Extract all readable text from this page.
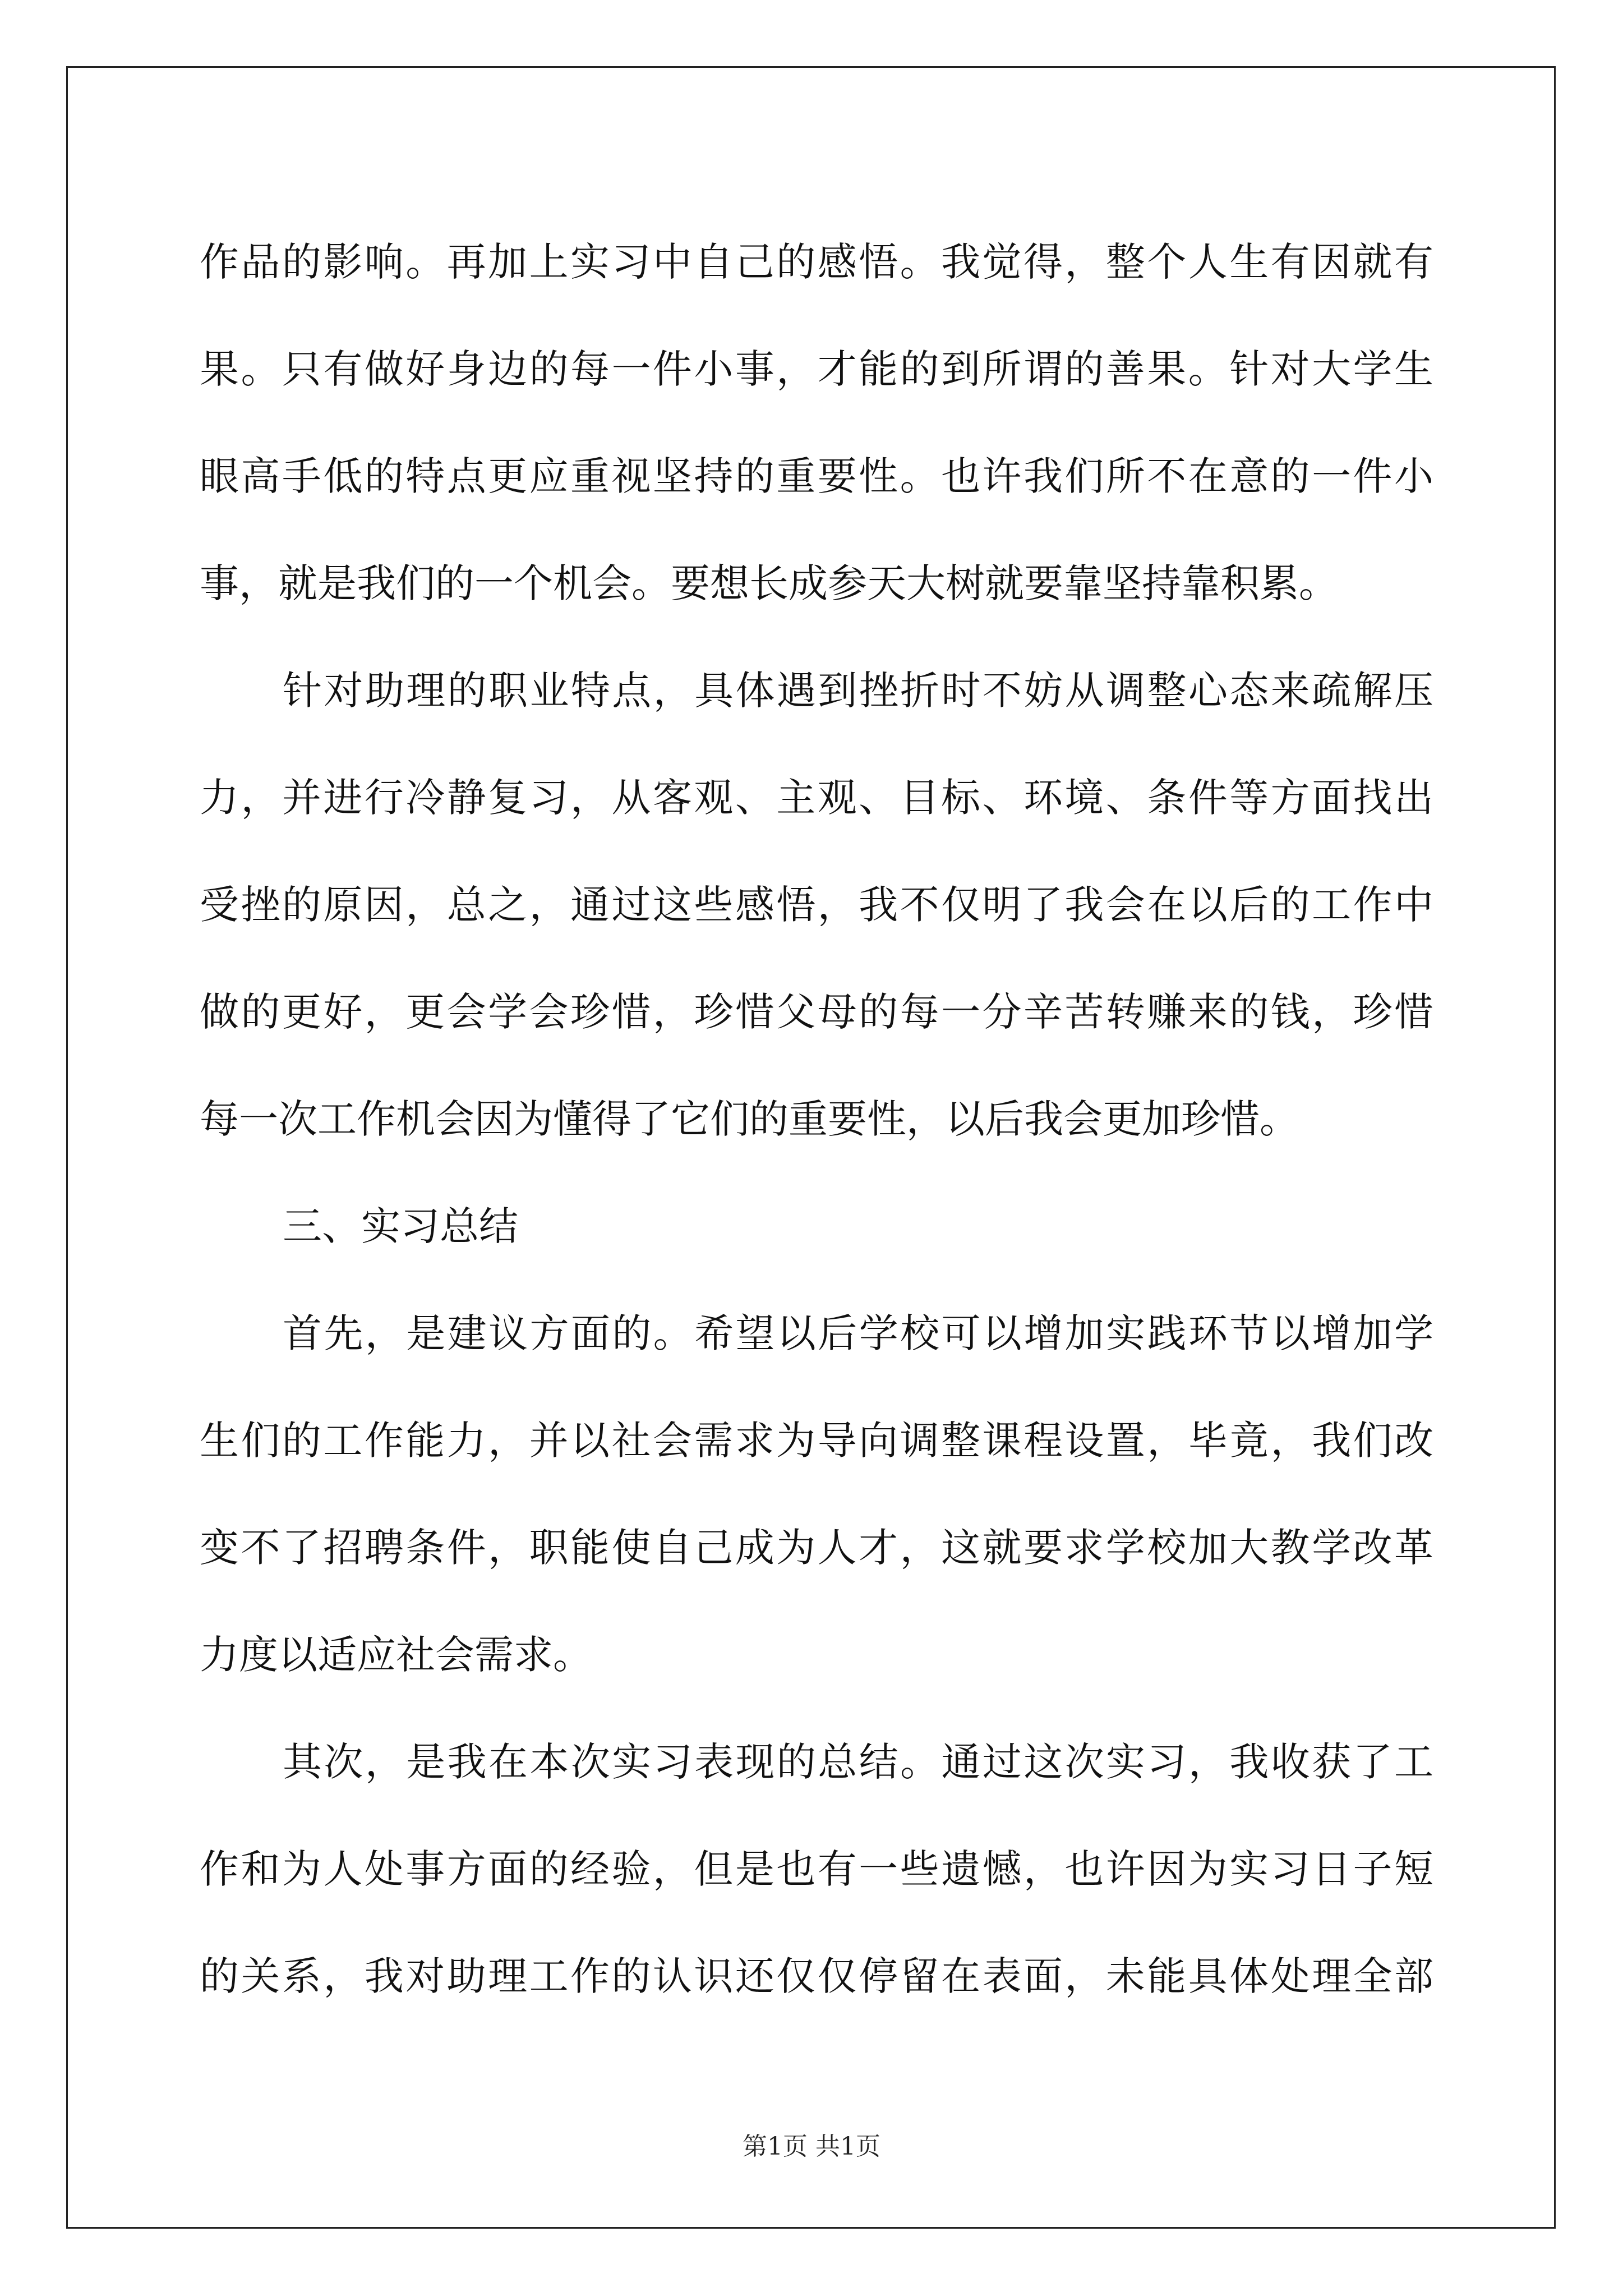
作品的影响。再加上实习中自己的感悟。我觉得，整个人生有因就有
果。只有做好身边的每一件小事，才能的到所谓的善果。针对大学生
眼高手低的特点更应重视坚持的重要性。也许我们所不在意的一件小
事，就是我们的一个机会。要想长成参天大树就要靠坚持靠积累。
针对助理的职业特点，具体遇到挫折时不妨从调整心态来疏解压
力，并进行冷静复习，从客观、主观、目标、环境、条件等方面找出
受挫的原因，总之，通过这些感悟，我不仅明了我会在以后的工作中
做的更好，更会学会珍惜，珍惜父母的每一分辛苦转赚来的钱，珍惜
每一次工作机会因为懂得了它们的重要性，以后我会更加珍惜。
三、实习总结
首先，是建议方面的。希望以后学校可以增加实践环节以增加学
生们的工作能力，并以社会需求为导向调整课程设置，毕竟，我们改
变不了招聘条件，职能使自己成为人才，这就要求学校加大教学改革
力度以适应社会需求。
其次，是我在本次实习表现的总结。通过这次实习，我收获了工
作和为人处事方面的经验，但是也有一些遗憾，也许因为实习日子短
的关系，我对助理工作的认识还仅仅停留在表面，未能具体处理全部
第1页 共1页
